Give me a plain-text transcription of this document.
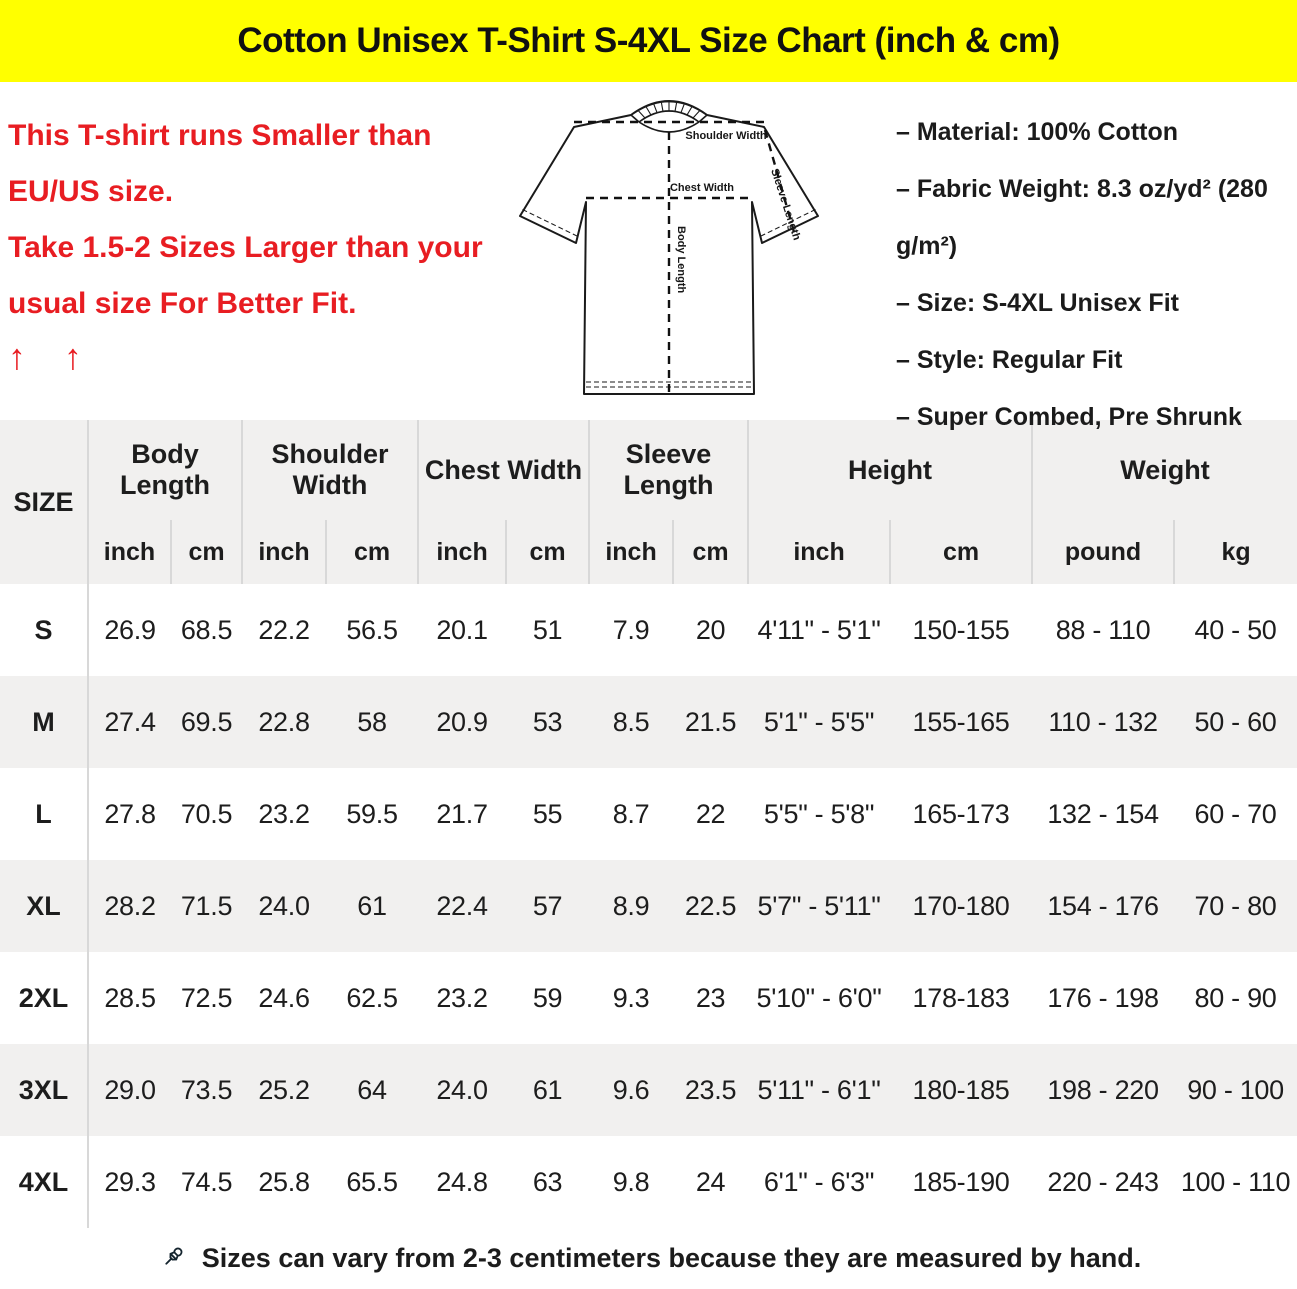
Cotton Unisex T-Shirt S-4XL Size Chart (inch & cm)
This T-shirt runs Smaller than EU/US size.
Take 1.5-2 Sizes Larger than your usual size For Better Fit.
↑ ↑
Shoulder Width
Chest Width
Body Length
Sleeve Length
– Material: 100% Cotton
– Fabric Weight: 8.3 oz/yd² (280 g/m²)
– Size: S-4XL Unisex Fit
– Style: Regular Fit
– Super Combed, Pre Shrunk
SIZE	Body Length		Shoulder Width		Chest Width		Sleeve Length		Height		Weight	
	inch	cm	inch	cm	inch	cm	inch	cm	inch	cm	pound	kg
S	26.9	68.5	22.2	56.5	20.1	51	7.9	20	4'11" - 5'1"	150-155	88 - 110	40 - 50
M	27.4	69.5	22.8	58	20.9	53	8.5	21.5	5'1" - 5'5"	155-165	110 - 132	50 - 60
L	27.8	70.5	23.2	59.5	21.7	55	8.7	22	5'5" - 5'8"	165-173	132 - 154	60 - 70
XL	28.2	71.5	24.0	61	22.4	57	8.9	22.5	5'7" - 5'11"	170-180	154 - 176	70 - 80
2XL	28.5	72.5	24.6	62.5	23.2	59	9.3	23	5'10" - 6'0"	178-183	176 - 198	80 - 90
3XL	29.0	73.5	25.2	64	24.0	61	9.6	23.5	5'11" - 6'1"	180-185	198 - 220	90 - 100
4XL	29.3	74.5	25.8	65.5	24.8	63	9.8	24	6'1" - 6'3"	185-190	220 - 243	100 - 110
Sizes can vary from 2-3 centimeters because they are measured by hand.
